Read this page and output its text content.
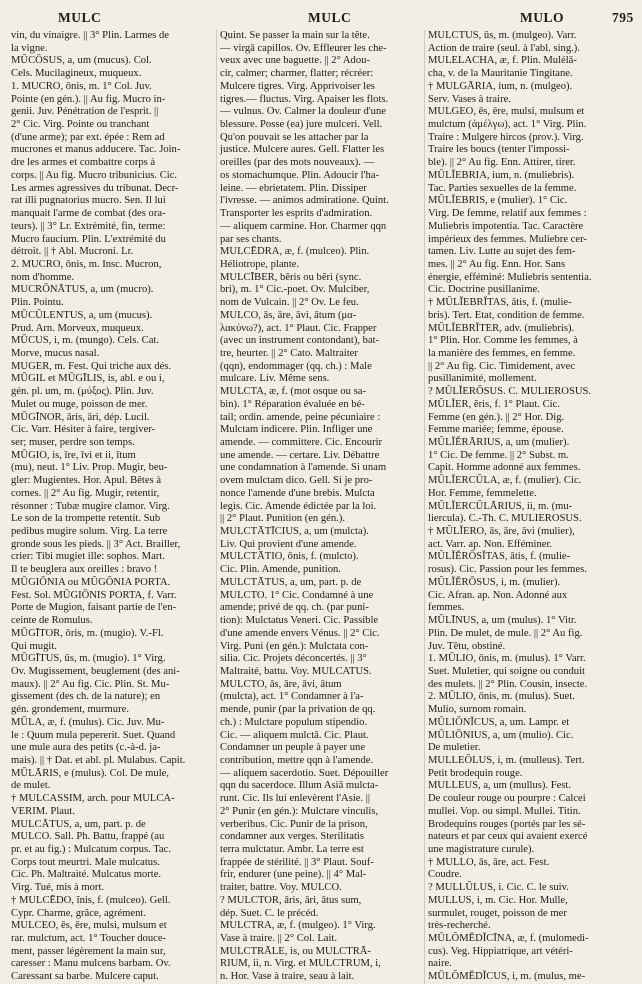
MULC	MULC	MULO	795

vin, du vinaigre. || 3° Plin. Larmes de

la vigne.

MŬCŌSUS, a, um (mucus). Col.

Cels. Mucilagineux, muqueux.

1. MUCRO, ōnis, m. 1° Col. Juv.

Pointe (en gén.). || Au fig. Mucro in-

genii. Juv. Pénétration de l'esprit. ||

2° Cic. Virg. Pointe ou tranchant

(d'une arme); par ext. épée : Rem ad

mucrones et manus adducere. Tac. Join-

dre les armes et combattre corps à

corps. || Au fig. Mucro tribunicius. Cic.

Les armes agressives du tribunat. Decr-

rat illi pugnatorius mucro. Sen. Il lui

manquait l'arme de combat (des ora-

teurs). || 3° Lr. Extrémité, fin, terme:

Mucro faucium. Plin. L'extrémité du

détroit. || † Abl. Mucroni. Lr.

2. MUCRO, ōnis, m. Insc. Mucron,

nom d'homme.

MUCRŌNĀTUS, a, um (mucro).

Plin. Pointu.

MŪCŪLENTUS, a, um (mucus).

Prud. Arn. Morveux, muqueux.

MŪCUS, i, m. (mungo). Cels. Cat.

Morve, mucus nasal.

MUGER, m. Fest. Qui triche aux dés.

MŪGIL et MŪGĪLIS, is, abl. e ou i,

gén. pl. um, m. (μύξος). Plin. Juv.

Mulet ou muge, poisson de mer.

MŪGĪNOR, āris, āri, dép. Lucil.

Cic. Varr. Hésiter à faire, tergiver-

ser; muser, perdre son temps.

MŪGIO, is, īre, īvi et ii, ītum

(mu), neut. 1° Liv. Prop. Mugir, beu-

gler: Mugientes. Hor. Apul. Bêtes à

cornes. || 2° Au fig. Mugir, retentir,

résonner : Tubæ mugire clamor. Virg.

Le son de la trompette retentit. Sub

pedibus mugire solum. Virg. La terre

gronde sous les pieds. || 3° Act. Brailler,

crier: Tibi mugiet ille: sophos. Mart.

Il te beuglera aux oreilles : bravo !

MŪGIŌNIA ou MŪGŌNIA PORTA.

Fest. Sol. MŪGIŌNIS PORTA, f. Varr.

Porte de Mugion, faisant partie de l'en-

ceinte de Romulus.

MŪGĪTOR, ōris, m. (mugio). V.-Fl.

Qui mugit.

MŪGĪTUS, ūs, m. (mugio). 1° Virg.

Ov. Mugissement, beuglement (des ani-

maux). || 2° Au fig. Cic. Plin. St. Mu-

gissement (des ch. de la nature); en

gén. grondement, murmure.

MŪLA, æ, f. (mulus). Cic. Juv. Mu-

le : Quum mula pepererit. Suet. Quand

une mule aura des petits (c.-à-d. ja-

mais). || † Dat. et abl. pl. Mulabus. Capit.

MŪLĀRIS, e (mulus). Col. De mule,

de mulet.

† MULCASSIM, arch. pour MULCA-

VERIM. Plaut.

MULCĀTUS, a, um, part. p. de

MULCO. Sall. Ph. Battu, frappé (au

pr. et au fig.) : Mulcatum corpus. Tac.

Corps tout meurtri. Male mulcatus.

Cic. Ph. Maltraité. Mulcatus morte.

Virg. Tué, mis à mort.

† MULCĒDO, ĭnis, f. (mulceo). Gell.

Cypr. Charme, grâce, agrément.

MULCEO, ēs, ēre, mulsi, mulsum et

rar. mulctum, act. 1° Toucher douce-

ment, passer légèrement la main sur,

caresser : Manu mulcens barbam. Ov.

Caressant sa barbe. Mulcere caput.

Quint. Se passer la main sur la tête.

— virgā capillos. Ov. Effleurer les che-

veux avec une baguette. || 2° Adou-

cir, calmer; charmer, flatter; récréer:

Mulcere tigres. Virg. Apprivoiser les

tigres.— fluctus. Virg. Apaiser les flots.

— vulnus. Ov. Calmer la douleur d'une

blessure. Posse (ea) jure mulceri. Vell.

Qu'on pouvait se les attacher par la

justice. Mulcere aures. Gell. Flatter les

oreilles (par des mots nouveaux). —

os stomachumque. Plin. Adoucir l'ha-

leine. — ebrietatem. Plin. Dissiper

l'ivresse. — animos admiratione. Quint.

Transporter les esprits d'admiration.

— aliquem carmine. Hor. Charmer qqn

par ses chants.

MULCĒDRA, æ, f. (mulceo). Plin.

Héliotrope, plante.

MULCĪBER, bĕris ou bĕri (sync.

bri), m. 1° Cic.-poet. Ov. Mulciber,

nom de Vulcain. || 2° Ov. Le feu.

MULCO, ās, āre, āvi, ātum (μα-

λακύνω?), act. 1° Plaut. Cic. Frapper

(avec un instrument contondant), bat-

tre, heurter. || 2° Cato. Maltraiter

(qqn), endommager (qq. ch.) : Male

mulcare. Liv. Même sens.

MULCTA, æ, f. (mot osque ou sa-

bin). 1° Réparation évaluée en bé-

tail; ordin. amende, peine pécuniaire :

Mulctam indicere. Plin. Infliger une

amende. — committere. Cic. Encourir

une amende. — certare. Liv. Débattre

une condamnation à l'amende. Si unam

ovem mulctam dico. Gell. Si je pro-

nonce l'amende d'une brebis. Mulcta

legis. Cic. Amende édictée par la loi.

|| 2° Plaut. Punition (en gén.).

MULCTĀTĪCIUS, a, um (mulcta).

Liv. Qui provient d'une amende.

MULCTĀTIO, ōnis, f. (mulcto).

Cic. Plin. Amende, punition.

MULCTĀTUS, a, um, part. p. de

MULCTO. 1° Cic. Condamné à une

amende; privé de qq. ch. (par puni-

tion): Mulctatus Veneri. Cic. Passible

d'une amende envers Vénus. || 2° Cic.

Virg. Puni (en gén.): Mulctata con-

silia. Cic. Projets déconcertés. || 3°

Maltraité, battu. Voy. MULCATUS.

MULCTO, ās, āre, āvi, ātum

(mulcta), act. 1° Condamner à l'a-

mende, punir (par la privation de qq.

ch.) : Mulctare populum stipendio.

Cic. — aliquem mulctā. Cic. Plaut.

Condamner un peuple à payer une

contribution, mettre qqn à l'amende.

— aliquem sacerdotio. Suet. Dépouiller

qqn du sacerdoce. Illum Asiā mulcta-

runt. Cic. Ils lui enlevèrent l'Asie. ||

2° Punir (en gén.): Mulctare vinculis,

verberibus. Cic. Punir de la prison,

condamner aux verges. Sterilitatis

terra mulctatur. Ambr. La terre est

frappée de stérilité. || 3° Plaut. Souf-

frir, endurer (une peine). || 4° Mal-

traiter, battre. Voy. MULCO.

? MULCTOR, āris, āri, ātus sum,

dép. Suet. C. le précéd.

MULCTRA, æ, f. (mulgeo). 1° Virg.

Vase à traire. || 2° Col. Lait.

MULCTRĀLE, is, ou MULCTRĀ-

RIUM, ii, n. Virg. et MULCTRUM, i,

n. Hor. Vase à traire, seau à lait.

MULCTUS, ūs, m. (mulgeo). Varr.

Action de traire (seul. à l'abl. sing.).

MULELACHA, æ, f. Plin. Mulélā-

cha, v. de la Mauritanie Tingitane.

† MULGĀRIA, ium, n. (mulgeo).

Serv. Vases à traire.

MULGEO, ēs, ēre, mulsi, mulsum et

mulctum (ἀμέλγω), act. 1° Virg. Plin.

Traire : Mulgere hircos (prov.). Virg.

Traire les boucs (tenter l'impossi-

ble). || 2° Au fig. Enn. Attirer, tirer.

MŬLĬEBRIA, ium, n. (muliebris).

Tac. Parties sexuelles de la femme.

MŬLĬEBRIS, e (mulier). 1° Cic.

Virg. De femme, relatif aux femmes :

Muliebris impotentia. Tac. Caractère

impérieux des femmes. Muliebre cer-

tamen. Liv. Lutte au sujet des fem-

mes. || 2° Au fig. Enn. Hor. Sans

énergie, efféminé: Muliebris sententia.

Cic. Doctrine pusillanime.

† MŬLĬEBRĬTAS, ātis, f. (mulie-

bris). Tert. Etat, condition de femme.

MŬLĬEBRĬTER, adv. (muliebris).

1° Plin. Hor. Comme les femmes, à

la manière des femmes, en femme.

|| 2° Au fig. Cic. Timidement, avec

pusillanimité, mollement.

? MŬLĬERŌSUS. C. MULIEROSUS.

MŬLĬER, ĕris, f. 1° Plaut. Cic.

Femme (en gén.). || 2° Hor. Dig.

Femme mariée; femme, épouse.

MŬLĬĔRĀRIUS, a, um (mulier).

1° Cic. De femme. || 2° Subst. m.

Capit. Homme adonné aux femmes.

MŬLĬERCŬLA, æ, f. (mulier). Cic.

Hor. Femme, femmelette.

MŬLĬERCŬLĀRIUS, ii, m. (mu-

liercula). C.-Th. C. MULIEROSUS.

† MŬLĬERO, ās, āre, āvi (mulier),

act. Varr. ap. Non. Efféminer.

MŬLĬĔRŌSĬTAS, ātis, f. (mulie-

rosus). Cic. Passion pour les femmes.

MŬLĬĔRŌSUS, i, m. (mulier).

Cic. Afran. ap. Non. Adonné aux

femmes.

MŪLĪNUS, a, um (mulus). 1° Vitr.

Plin. De mulet, de mule. || 2° Au fig.

Juv. Têtu, obstiné.

1. MŪLIO, ōnis, m. (mulus). 1° Varr.

Suet. Muletier, qui soigne ou conduit

des mulets. || 2° Plin. Cousin, insecte.

2. MŪLIO, ōnis, m. (mulus). Suet.

Mulio, surnom romain.

MŪLIŌNĬCUS, a, um. Lampr. et

MŪLIŌNIUS, a, um (mulio). Cic.

De muletier.

MULLEŎLUS, i, m. (mulleus). Tert.

Petit brodequin rouge.

MULLEUS, a, um (mullus). Fest.

De couleur rouge ou pourpre : Calcei

mullei. Vop. ou simpl. Mullei. Titin.

Brodequins rouges (portés par les sé-

nateurs et par ceux qui avaient exercé

une magistrature curule).

† MULLO, ās, āre, act. Fest.

Coudre.

? MULLŬLUS, i. Cic. C. le suiv.

MULLUS, i, m. Cic. Hor. Mulle,

surmulet, rouget, poisson de mer

très-recherché.

MŪLŎMĔDĬCĪNA, æ, f. (mulomedi-

cus). Veg. Hippiatrique, art vétéri-

naire.

MŪLŎMĔDĬCUS, i, m. (mulus, me-
